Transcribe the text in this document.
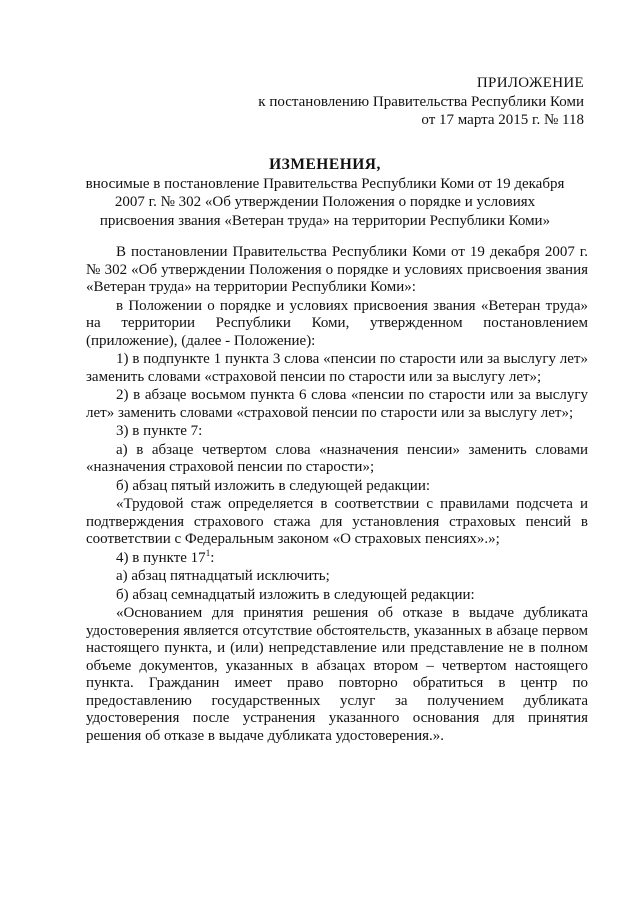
ПРИЛОЖЕНИЕ
к постановлению Правительства Республики Коми
от 17 марта 2015 г. № 118
ИЗМЕНЕНИЯ,
вносимые в постановление Правительства Республики Коми от 19 декабря
2007 г. № 302 «Об утверждении Положения о порядке и условиях
присвоения звания «Ветеран труда» на территории Республики Коми»

В постановлении Правительства Республики Коми от 19 декабря 2007 г. № 302 «Об утверждении Положения о порядке и условиях присвоения звания «Ветеран труда» на территории Республики Коми»:

в Положении о порядке и условиях присвоения звания «Ветеран труда» на территории Республики Коми, утвержденном постановлением (приложение), (далее - Положение):

1) в подпункте 1 пункта 3 слова «пенсии по старости или за выслугу лет» заменить словами «страховой пенсии по старости или за выслугу лет»;

2) в абзаце восьмом пункта 6 слова «пенсии по старости или за выслугу лет» заменить словами «страховой пенсии по старости или за выслугу лет»;

3) в пункте 7:

а) в абзаце четвертом слова «назначения пенсии» заменить словами «назначения страховой пенсии по старости»;

б) абзац пятый изложить в следующей редакции:

«Трудовой стаж определяется в соответствии с правилами подсчета и подтверждения страхового стажа для установления страховых пенсий в соответствии с Федеральным законом «О страховых пенсиях».»;

4) в пункте $17^1$:

а) абзац пятнадцатый исключить;

б) абзац семнадцатый изложить в следующей редакции:

«Основанием для принятия решения об отказе в выдаче дубликата удостоверения является отсутствие обстоятельств, указанных в абзаце первом настоящего пункта, и (или) непредставление или представление не в полном объеме документов, указанных в абзацах втором – четвертом настоящего пункта. Гражданин имеет право повторно обратиться в центр по предоставлению государственных услуг за получением дубликата удостоверения после устранения указанного основания для принятия решения об отказе в выдаче дубликата удостоверения.».
